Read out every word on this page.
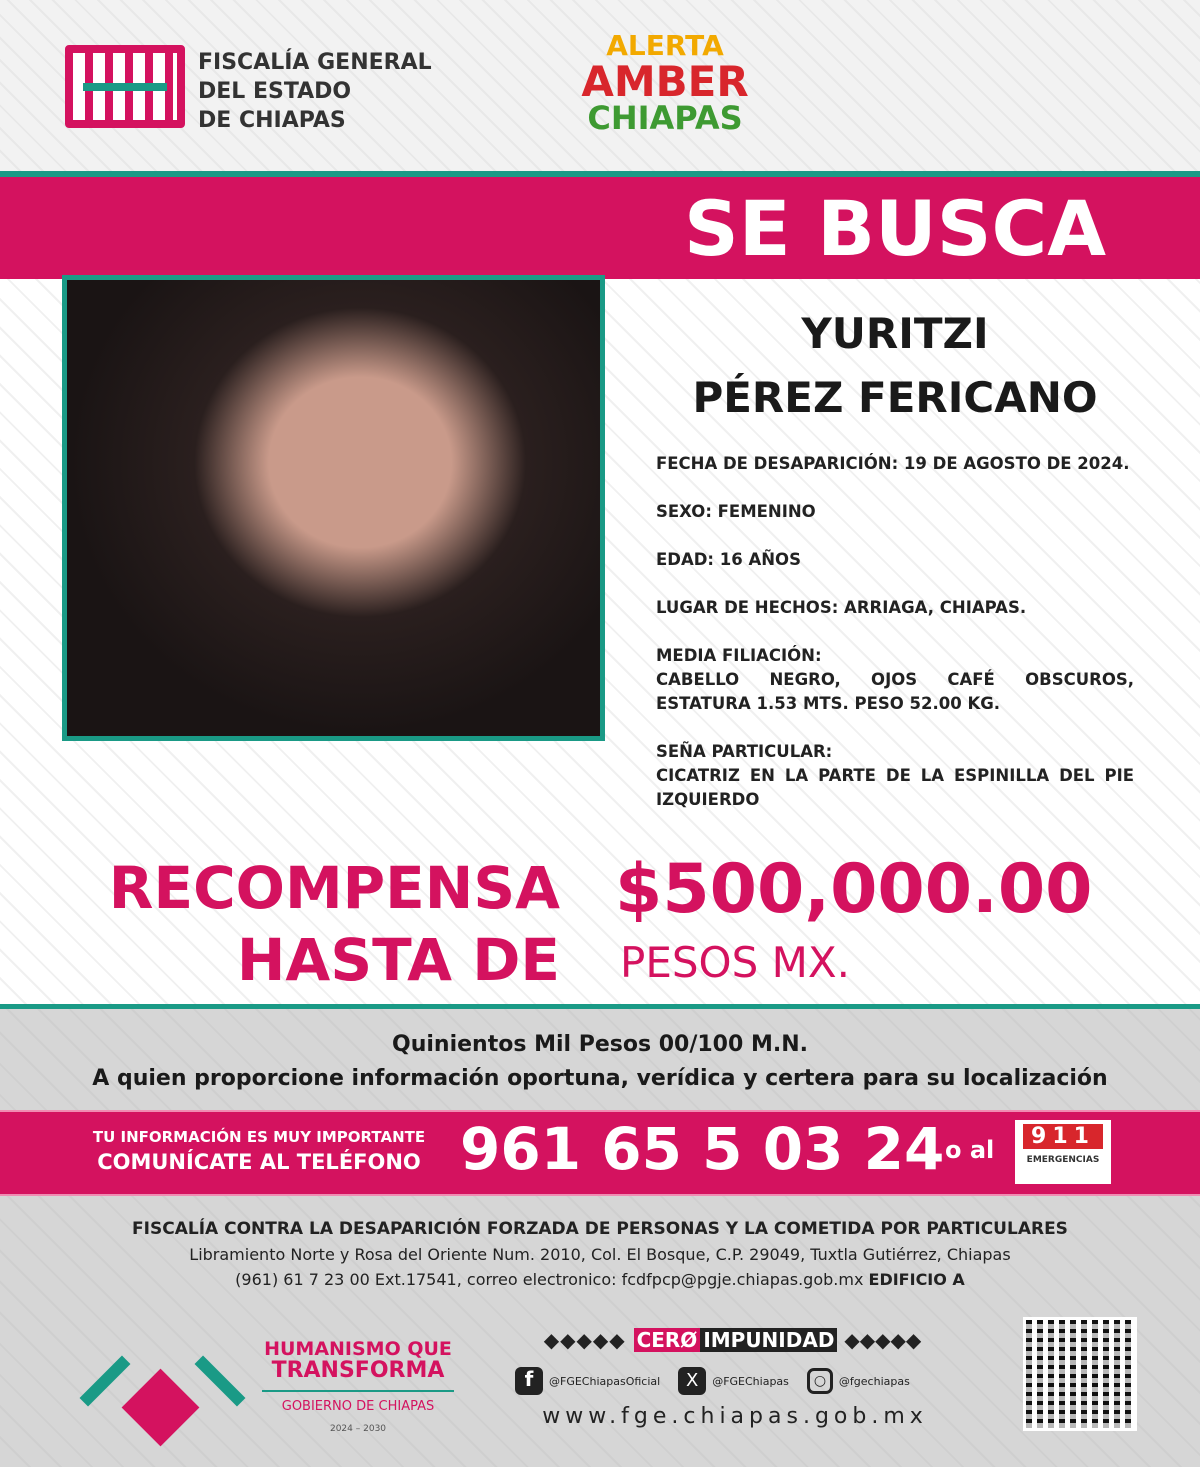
FISCALÍA GENERAL
DEL ESTADO
DE CHIAPAS
ALERTA
AMBER
CHIAPAS
SE BUSCA
YURITZI
PÉREZ FERICANO
FECHA DE DESAPARICIÓN: 19 DE AGOSTO DE 2024.
SEXO: FEMENINO
EDAD: 16 AÑOS
LUGAR DE HECHOS: ARRIAGA, CHIAPAS.
MEDIA FILIACIÓN:
CABELLO NEGRO, OJOS CAFÉ OBSCUROS,
ESTATURA 1.53 MTS. PESO 52.00 KG.
SEÑA PARTICULAR:
CICATRIZ EN LA PARTE DE LA ESPINILLA DEL PIE
IZQUIERDO
RECOMPENSA
HASTA DE
$500,000.00
PESOS MX.
Quinientos Mil Pesos 00/100 M.N.
A quien proporcione información oportuna, verídica y certera para su localización
TU INFORMACIÓN ES MUY IMPORTANTE
COMUNÍCATE AL TELÉFONO 961 65 5 03 24 o al	911
EMERGENCIAS
FISCALÍA CONTRA LA DESAPARICIÓN FORZADA DE PERSONAS Y LA COMETIDA POR PARTICULARES
Libramiento Norte y Rosa del Oriente Num. 2010, Col. El Bosque, C.P. 29049, Tuxtla Gutiérrez, Chiapas
(961) 61 7 23 00 Ext.17541, correo electronico: fcdfpcp@pgje.chiapas.gob.mx EDIFICIO A
HUMANISMO QUE
TRANSFORMA
GOBIERNO DE CHIAPAS
2024 – 2030
◆◆◆◆◆ CERØ IMPUNIDAD ◆◆◆◆◆
f	@FGEChiapasOficial	X	@FGEChiapas	○	@fgechiapas
www.fge.chiapas.gob.mx
